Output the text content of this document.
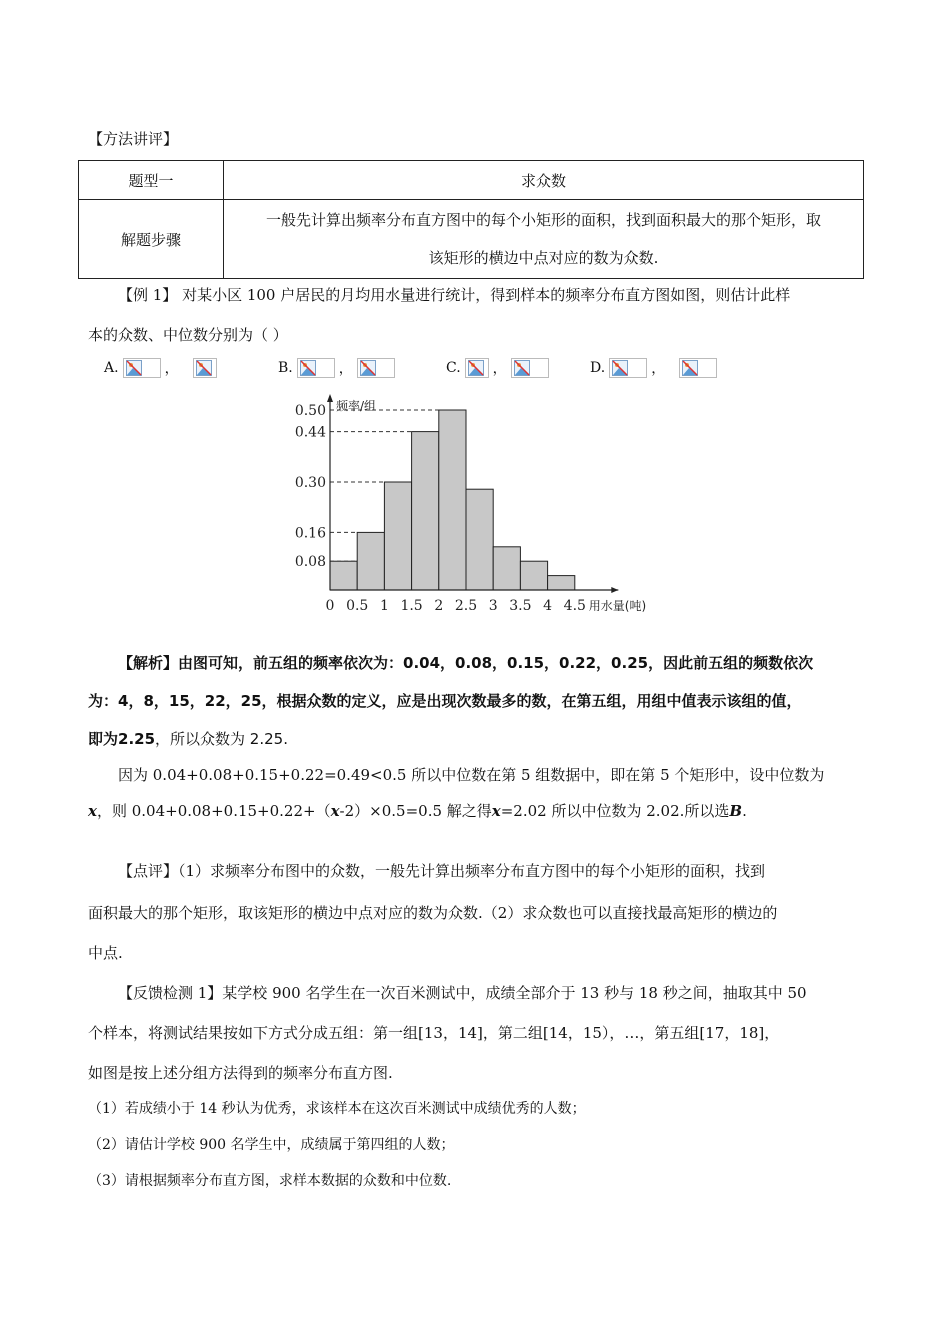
【方法讲评】
题型一	求众数
解题步骤	一般先计算出频率分布直方图中的每个小矩形的面积，找到面积最大的那个矩形，取
该矩形的横边中点对应的数为众数.
【例 1】 对某小区 100 户居民的月均用水量进行统计，得到样本的频率分布直方图如图，则估计此样
本的众数、中位数分别为（ ）
A.	，	B.	，	C. ，	D.	，
0.08
0.16
0.30
0.44
0.50
0 0.5 1 1.5 2 2.5 3 3.5 4 4.5 用水量(吨)
频率/组
【解析】由图可知，前五组的频率依次为：0.04，0.08，0.15，0.22，0.25，因此前五组的频数依次
为：4，8，15，22，25，根据众数的定义，应是出现次数最多的数，在第五组，用组中值表示该组的值，
即为2.25，所以众数为 2.25.
因为 0.04+0.08+0.15+0.22=0.49<0.5 所以中位数在第 5 组数据中，即在第 5 个矩形中，设中位数为
x，则 0.04+0.08+0.15+0.22+（x-2）×0.5=0.5 解之得x=2.02 所以中位数为 2.02.所以选B.
【点评】（1）求频率分布图中的众数，一般先计算出频率分布直方图中的每个小矩形的面积，找到
面积最大的那个矩形，取该矩形的横边中点对应的数为众数.（2）求众数也可以直接找最高矩形的横边的
中点.
【反馈检测 1】某学校 900 名学生在一次百米测试中，成绩全部介于 13 秒与 18 秒之间，抽取其中 50
个样本，将测试结果按如下方式分成五组：第一组[13，14]，第二组[14，15），…，第五组[17，18]，
如图是按上述分组方法得到的频率分布直方图.
（1）若成绩小于 14 秒认为优秀，求该样本在这次百米测试中成绩优秀的人数；
（2）请估计学校 900 名学生中，成绩属于第四组的人数；
（3）请根据频率分布直方图，求样本数据的众数和中位数.
